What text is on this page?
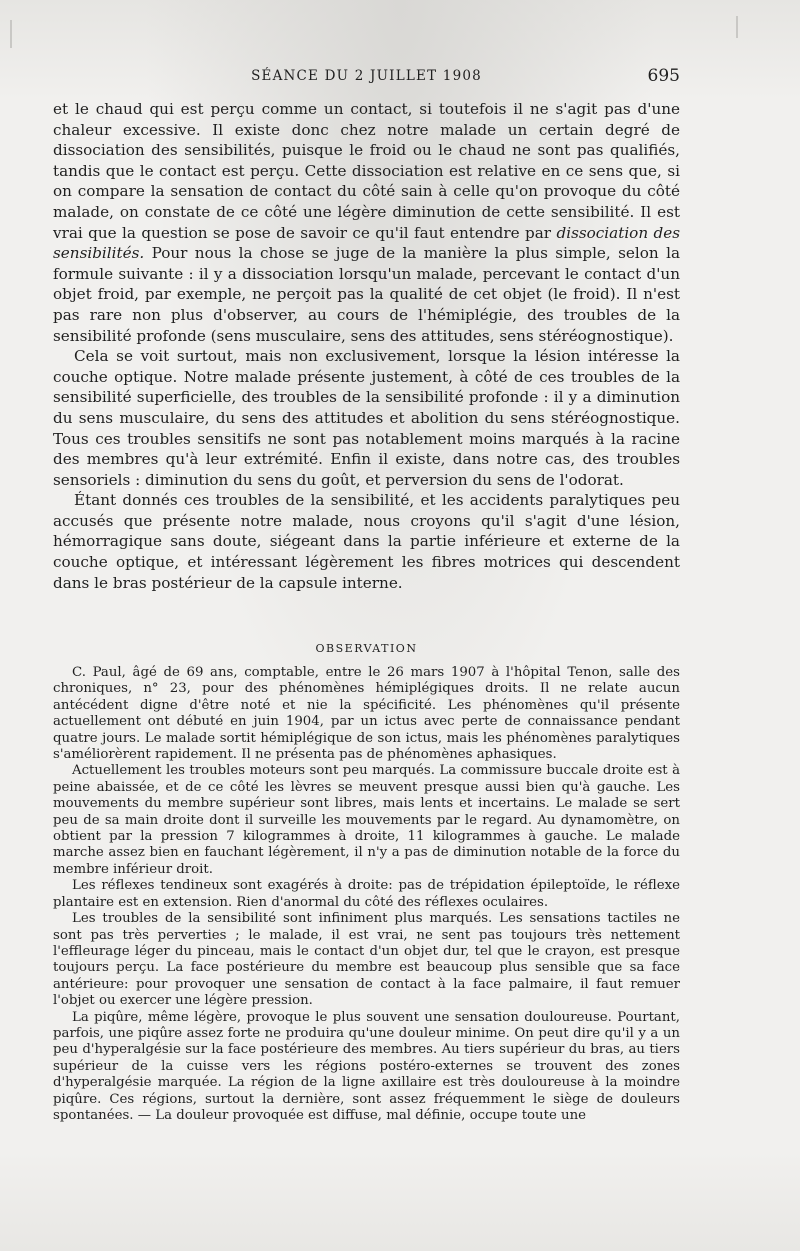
SÉANCE DU 2 JUILLET 1908	695

et le chaud qui est perçu comme un contact, si toutefois il ne s'agit pas d'une chaleur excessive. Il existe donc chez notre malade un certain degré de dissociation des sensibilités, puisque le froid ou le chaud ne sont pas qualifiés, tandis que le contact est perçu. Cette dissociation est relative en ce sens que, si on compare la sensation de contact du côté sain à celle qu'on provoque du côté malade, on constate de ce côté une légère diminution de cette sensibilité. Il est vrai que la question se pose de savoir ce qu'il faut entendre par dissociation des sensibilités. Pour nous la chose se juge de la manière la plus simple, selon la formule suivante : il y a dissociation lorsqu'un malade, percevant le contact d'un objet froid, par exemple, ne perçoit pas la qualité de cet objet (le froid). Il n'est pas rare non plus d'observer, au cours de l'hémiplégie, des troubles de la sensibilité profonde (sens musculaire, sens des attitudes, sens stéréognostique).

Cela se voit surtout, mais non exclusivement, lorsque la lésion intéresse la couche optique. Notre malade présente justement, à côté de ces troubles de la sensibilité superficielle, des troubles de la sensibilité profonde : il y a diminution du sens musculaire, du sens des attitudes et abolition du sens stéréognostique. Tous ces troubles sensitifs ne sont pas notablement moins marqués à la racine des membres qu'à leur extrémité. Enfin il existe, dans notre cas, des troubles sensoriels : diminution du sens du goût, et perversion du sens de l'odorat.

Étant donnés ces troubles de la sensibilité, et les accidents paralytiques peu accusés que présente notre malade, nous croyons qu'il s'agit d'une lésion, hémorragique sans doute, siégeant dans la partie inférieure et externe de la couche optique, et intéressant légèrement les fibres motrices qui descendent dans le bras postérieur de la capsule interne.

OBSERVATION

C. Paul, âgé de 69 ans, comptable, entre le 26 mars 1907 à l'hôpital Tenon, salle des chroniques, n° 23, pour des phénomènes hémiplégiques droits. Il ne relate aucun antécédent digne d'être noté et nie la spécificité. Les phénomènes qu'il présente actuellement ont débuté en juin 1904, par un ictus avec perte de connaissance pendant quatre jours. Le malade sortit hémiplégique de son ictus, mais les phénomènes paralytiques s'améliorèrent rapidement. Il ne présenta pas de phénomènes aphasiques.

Actuellement les troubles moteurs sont peu marqués. La commissure buccale droite est à peine abaissée, et de ce côté les lèvres se meuvent presque aussi bien qu'à gauche. Les mouvements du membre supérieur sont libres, mais lents et incertains. Le malade se sert peu de sa main droite dont il surveille les mouvements par le regard. Au dynamomètre, on obtient par la pression 7 kilogrammes à droite, 11 kilogrammes à gauche. Le malade marche assez bien en fauchant légèrement, il n'y a pas de diminution notable de la force du membre inférieur droit.

Les réflexes tendineux sont exagérés à droite: pas de trépidation épileptoïde, le réflexe plantaire est en extension. Rien d'anormal du côté des réflexes oculaires.

Les troubles de la sensibilité sont infiniment plus marqués. Les sensations tactiles ne sont pas très perverties ; le malade, il est vrai, ne sent pas toujours très nettement l'effleurage léger du pinceau, mais le contact d'un objet dur, tel que le crayon, est presque toujours perçu. La face postérieure du membre est beaucoup plus sensible que sa face antérieure: pour provoquer une sensation de contact à la face palmaire, il faut remuer l'objet ou exercer une légère pression.

La piqûre, même légère, provoque le plus souvent une sensation douloureuse. Pourtant, parfois, une piqûre assez forte ne produira qu'une douleur minime. On peut dire qu'il y a un peu d'hyperalgésie sur la face postérieure des membres. Au tiers supérieur du bras, au tiers supérieur de la cuisse vers les régions postéro-externes se trouvent des zones d'hyperalgésie marquée. La région de la ligne axillaire est très douloureuse à la moindre piqûre. Ces régions, surtout la dernière, sont assez fréquemment le siège de douleurs spontanées. — La douleur provoquée est diffuse, mal définie, occupe toute une
